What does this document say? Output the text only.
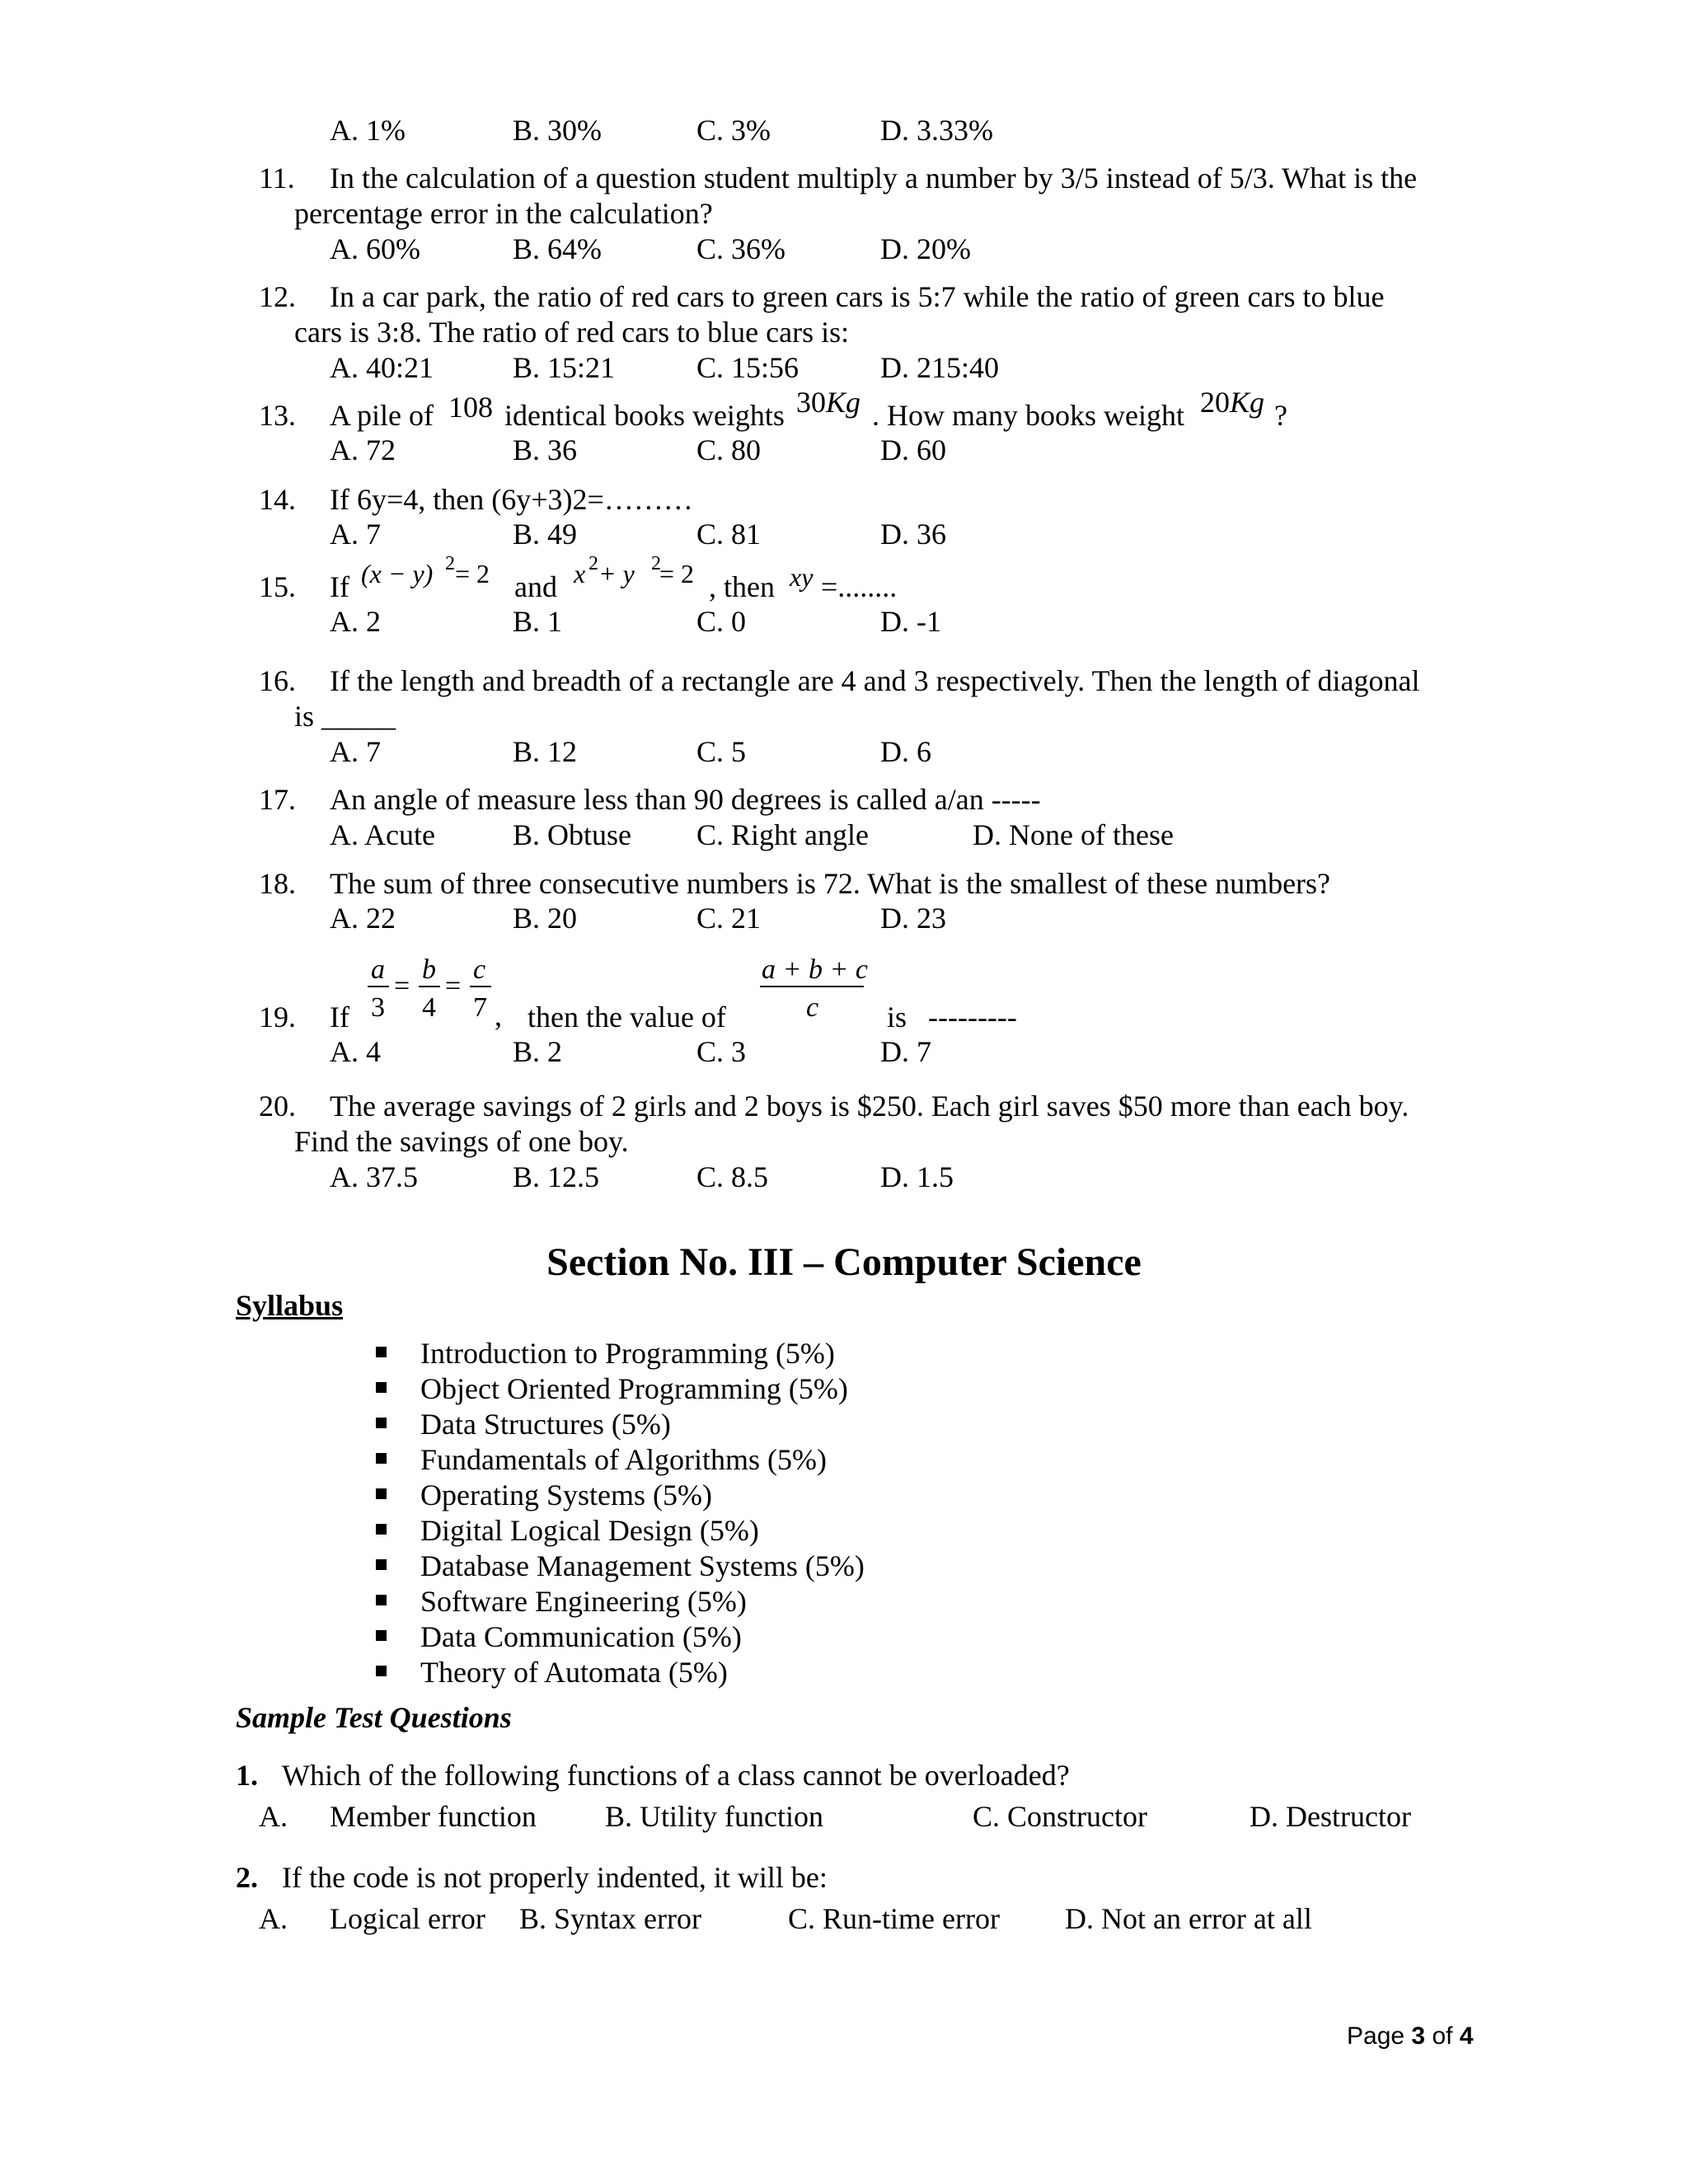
A. 1%	B. 30%	C. 3%	D. 3.33%
11. In the calculation of a question student multiply a number by 3/5 instead of 5/3. What is the
percentage error in the calculation?
A. 60%	B. 64%	C. 36%	D. 20%
12. In a car park, the ratio of red cars to green cars is 5:7 while the ratio of green cars to blue
cars is 3:8. The ratio of red cars to blue cars is:
A. 40:21	B. 15:21	C. 15:56	D. 215:40
13. A pile of 108 identical books weights 30 Kg . How many books weight 20 Kg ?
A. 72	B. 36	C. 80	D. 60
14. If 6y=4, then (6y+3)2=………
A. 7	B. 49	C. 81	D. 36
15. If (x − y) 2 = 2 and x 2 + y 2
= 2 , then xy =........
A. 2	B. 1	C. 0	D. -1
16. If the length and breadth of a rectangle are 4 and 3 respectively. Then the length of diagonal
is _____
A. 7	B. 12	C. 5	D. 6
17. An angle of measure less than 90 degrees is called a/an -----
A. Acute	B. Obtuse C. Right angle	D. None of these
18. The sum of three consecutive numbers is 72. What is the smallest of these numbers?
A. 22	B. 20	C. 21	D. 23
19. If
a
3
=
b
4
=
c
7 , then the value of
a + b + c
c is ---------
A. 4	B. 2	C. 3	D. 7
20. The average savings of 2 girls and 2 boys is $250. Each girl saves $50 more than each boy.
Find the savings of one boy.
A. 37.5	B. 12.5	C. 8.5	D. 1.5
Section No. III – Computer Science
Syllabus
Introduction to Programming (5%)
Object Oriented Programming (5%)
Data Structures (5%)
Fundamentals of Algorithms (5%)
Operating Systems (5%)
Digital Logical Design (5%)
Database Management Systems (5%)
Software Engineering (5%)
Data Communication (5%)
Theory of Automata (5%)
Sample Test Questions
1. Which of the following functions of a class cannot be overloaded?
A. Member function B. Utility function	C. Constructor	D. Destructor
2. If the code is not properly indented, it will be:
A. Logical error B. Syntax error	C. Run-time error D. Not an error at all
Page 3 of 4
